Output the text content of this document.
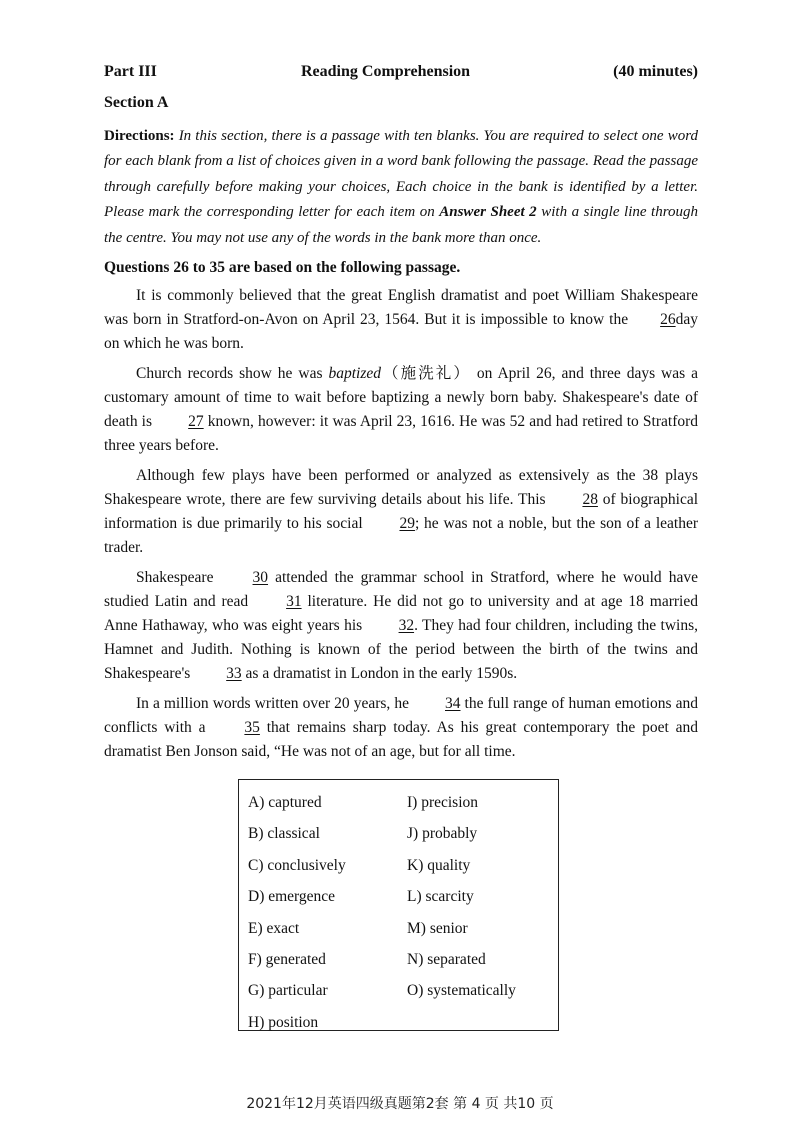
Part III	Reading Comprehension	(40 minutes)
Section A
Directions: In this section, there is a passage with ten blanks. You are required to select one word for each blank from a list of choices given in a word bank following the passage. Read the passage through carefully before making your choices, Each choice in the bank is identified by a letter. Please mark the corresponding letter for each item on Answer Sheet 2 with a single line through the centre. You may not use any of the words in the bank more than once.
Questions 26 to 35 are based on the following passage.

It is commonly believed that the great English dramatist and poet William Shakespeare was born in Stratford-on-Avon on April 23, 1564. But it is impossible to know the 26day on which he was born.

Church records show he was baptized（施洗礼） on April 26, and three days was a customary amount of time to wait before baptizing a newly born baby. Shakespeare's date of death is 27 known, however: it was April 23, 1616. He was 52 and had retired to Stratford three years before.

Although few plays have been performed or analyzed as extensively as the 38 plays Shakespeare wrote, there are few surviving details about his life. This 28 of biographical information is due primarily to his social 29; he was not a noble, but the son of a leather trader.

Shakespeare	30 attended the grammar school in Stratford, where he would have studied Latin and read 31 literature. He did not go to university and at age 18 married Anne Hathaway, who was eight years his 32. They had four children, including the twins, Hamnet and Judith. Nothing is known of the period between the birth of the twins and Shakespeare's 33 as a dramatist in London in the early 1590s.

In a million words written over 20 years, he 34 the full range of human emotions and conflicts with a	35 that remains sharp today. As his great contemporary the poet and dramatist Ben Jonson said, “He was not of an age, but for all time.

A) captured
B) classical
C) conclusively
D) emergence
E) exact
F) generated
G) particular
H) position
I) precision
J) probably
K) quality
L) scarcity
M) senior
N) separated
O) systematically
2021年12月英语四级真题第2套 第 4 页 共10 页
